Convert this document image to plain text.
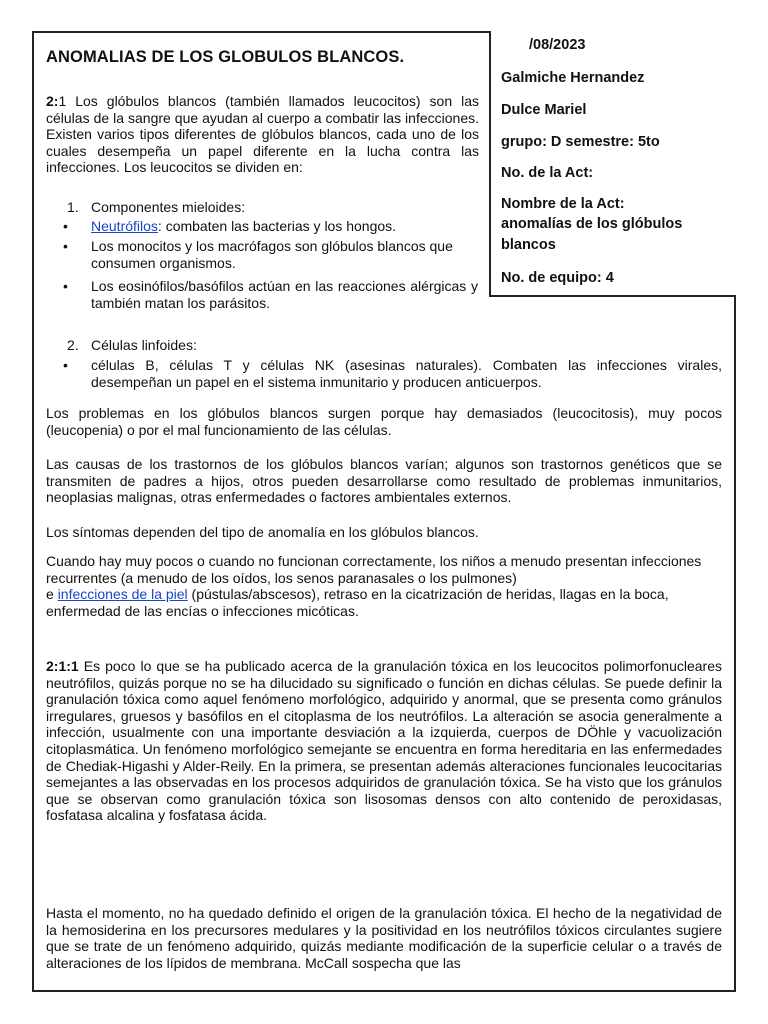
/08/2023
Galmiche Hernandez
Dulce Mariel
grupo: D semestre: 5to
No. de la Act:
Nombre de la Act:
anomalías de los glóbulos
blancos
No. de equipo: 4
ANOMALIAS DE LOS GLOBULOS BLANCOS.
2:1 Los glóbulos blancos (también llamados leucocitos) son las células de la sangre que ayudan al cuerpo a combatir las infecciones. Existen varios tipos diferentes de glóbulos blancos, cada uno de los cuales desempeña un papel diferente en la lucha contra las infecciones. Los leucocitos se dividen en:
1. Componentes mieloides:
• Neutrófilos: combaten las bacterias y los hongos.
• Los monocitos y los macrófagos son glóbulos blancos que consumen organismos.
• Los eosinófilos/basófilos actúan en las reacciones alérgicas y también matan los parásitos.
2. Células linfoides:
• células B, células T y células NK (asesinas naturales). Combaten las infecciones virales, desempeñan un papel en el sistema inmunitario y producen anticuerpos.
Los problemas en los glóbulos blancos surgen porque hay demasiados (leucocitosis), muy pocos (leucopenia) o por el mal funcionamiento de las células.
Las causas de los trastornos de los glóbulos blancos varían; algunos son trastornos genéticos que se transmiten de padres a hijos, otros pueden desarrollarse como resultado de problemas inmunitarios, neoplasias malignas, otras enfermedades o factores ambientales externos.
Los síntomas dependen del tipo de anomalía en los glóbulos blancos.
Cuando hay muy pocos o cuando no funcionan correctamente, los niños a menudo presentan infecciones recurrentes (a menudo de los oídos, los senos paranasales o los pulmones)
e infecciones de la piel (pústulas/abscesos), retraso en la cicatrización de heridas, llagas en la boca, enfermedad de las encías o infecciones micóticas.
2:1:1 Es poco lo que se ha publicado acerca de la granulación tóxica en los leucocitos polimorfonucleares neutrófilos, quizás porque no se ha dilucidado su significado o función en dichas células. Se puede definir la granulación tóxica como aquel fenómeno morfológico, adquirido y anormal, que se presenta como gránulos irregulares, gruesos y basófilos en el citoplasma de los neutrófilos. La alteración se asocia generalmente a infección, usualmente con una importante desviación a la izquierda, cuerpos de DÖhle y vacuolización citoplasmática. Un fenómeno morfológico semejante se encuentra en forma hereditaria en las enfermedades de Chediak-Higashi y Alder-Reily. En la primera, se presentan además alteraciones funcionales leucocitarias semejantes a las observadas en los procesos adquiridos de granulación tóxica. Se ha visto que los gránulos que se observan como granulación tóxica son lisosomas densos con alto contenido de peroxidasas, fosfatasa alcalina y fosfatasa ácida.
Hasta el momento, no ha quedado definido el origen de la granulación tóxica. El hecho de la negatividad de la hemosiderina en los precursores medulares y la positividad en los neutrófilos tóxicos circulantes sugiere que se trate de un fenómeno adquirido, quizás mediante modificación de la superficie celular o a través de alteraciones de los lípidos de membrana. McCall sospecha que las
